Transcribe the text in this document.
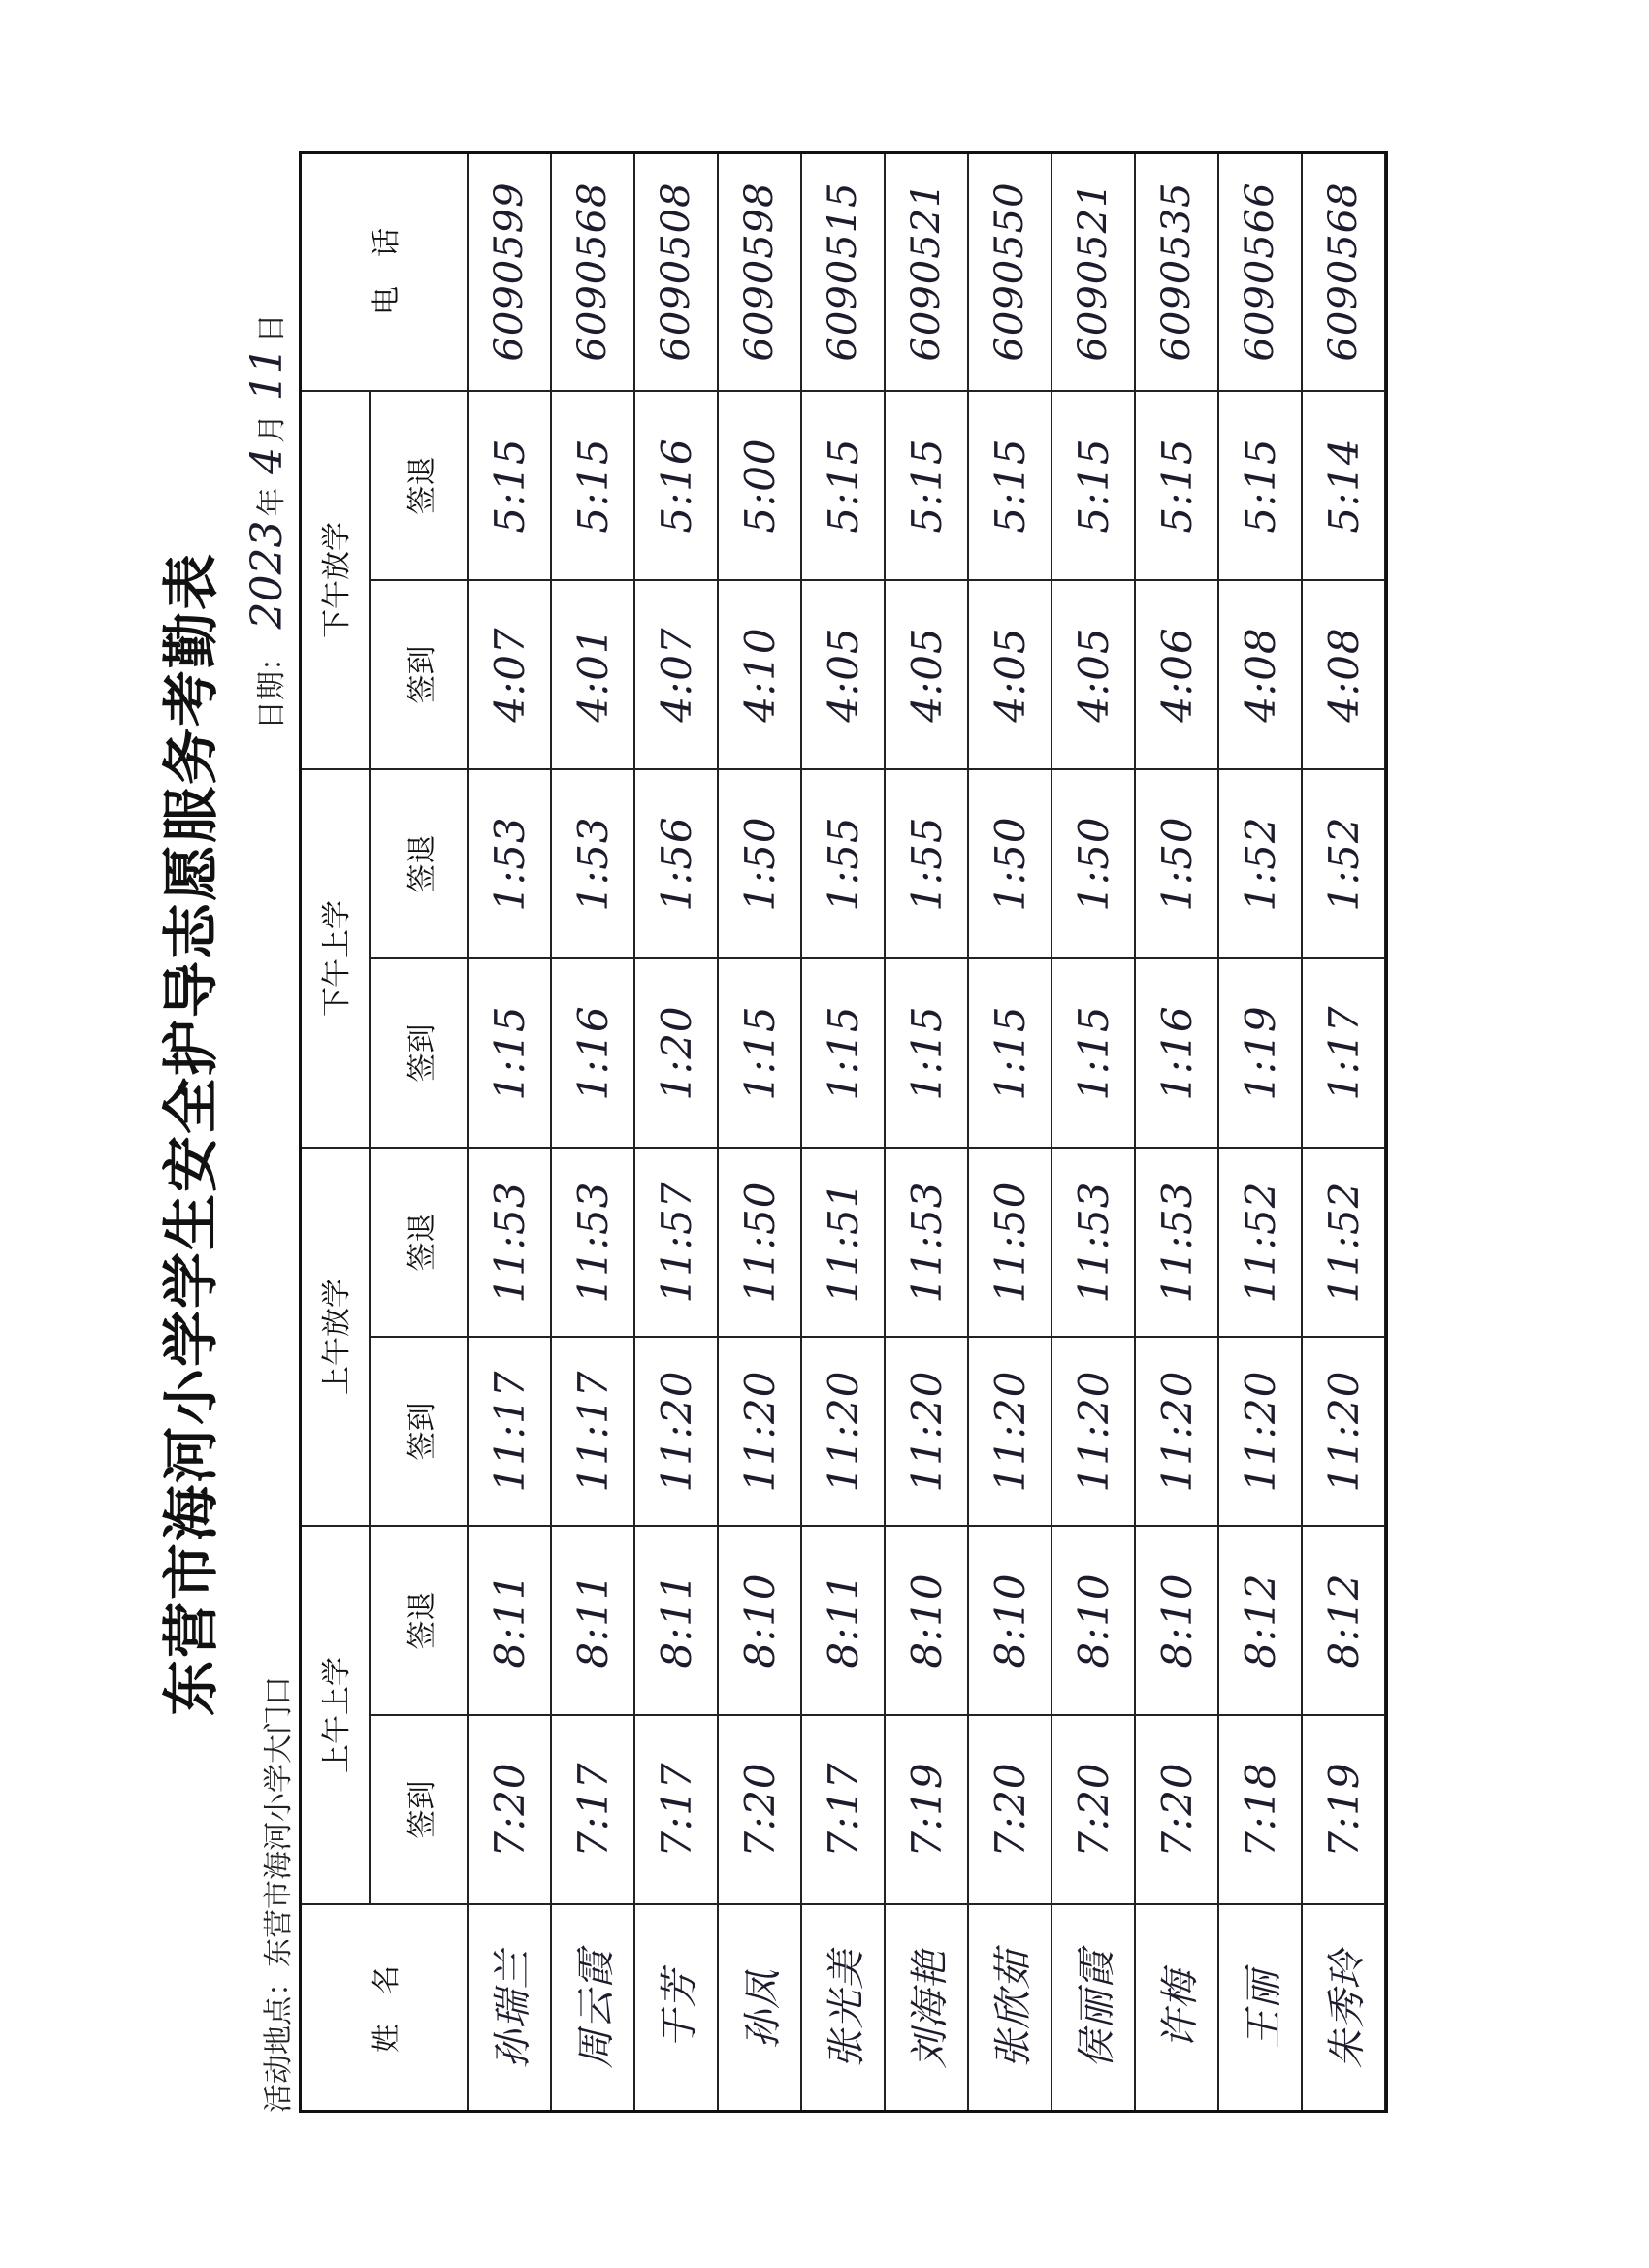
东营市海河小学学生安全护导志愿服务考勤表
活动地点：东营市海河小学大门口
日期： 2023年 4月 11日
姓　名
上午上学
签到
签退
上午放学
签到
签退
下午上学
签到
签退
下午放学
签到
签退
电　话
孙瑞兰
7:20
8:11
11:17
11:53
1:15
1:53
4:07
5:15
6090599
周云霞
7:17
8:11
11:17
11:53
1:16
1:53
4:01
5:15
6090568
于芳
7:17
8:11
11:20
11:57
1:20
1:56
4:07
5:16
6090508
孙凤
7:20
8:10
11:20
11:50
1:15
1:50
4:10
5:00
6090598
张光美
7:17
8:11
11:20
11:51
1:15
1:55
4:05
5:15
6090515
刘海艳
7:19
8:10
11:20
11:53
1:15
1:55
4:05
5:15
6090521
张欣茹
7:20
8:10
11:20
11:50
1:15
1:50
4:05
5:15
6090550
侯丽霞
7:20
8:10
11:20
11:53
1:15
1:50
4:05
5:15
6090521
许梅
7:20
8:10
11:20
11:53
1:16
1:50
4:06
5:15
6090535
王丽
7:18
8:12
11:20
11:52
1:19
1:52
4:08
5:15
6090566
朱秀玲
7:19
8:12
11:20
11:52
1:17
1:52
4:08
5:14
6090568
